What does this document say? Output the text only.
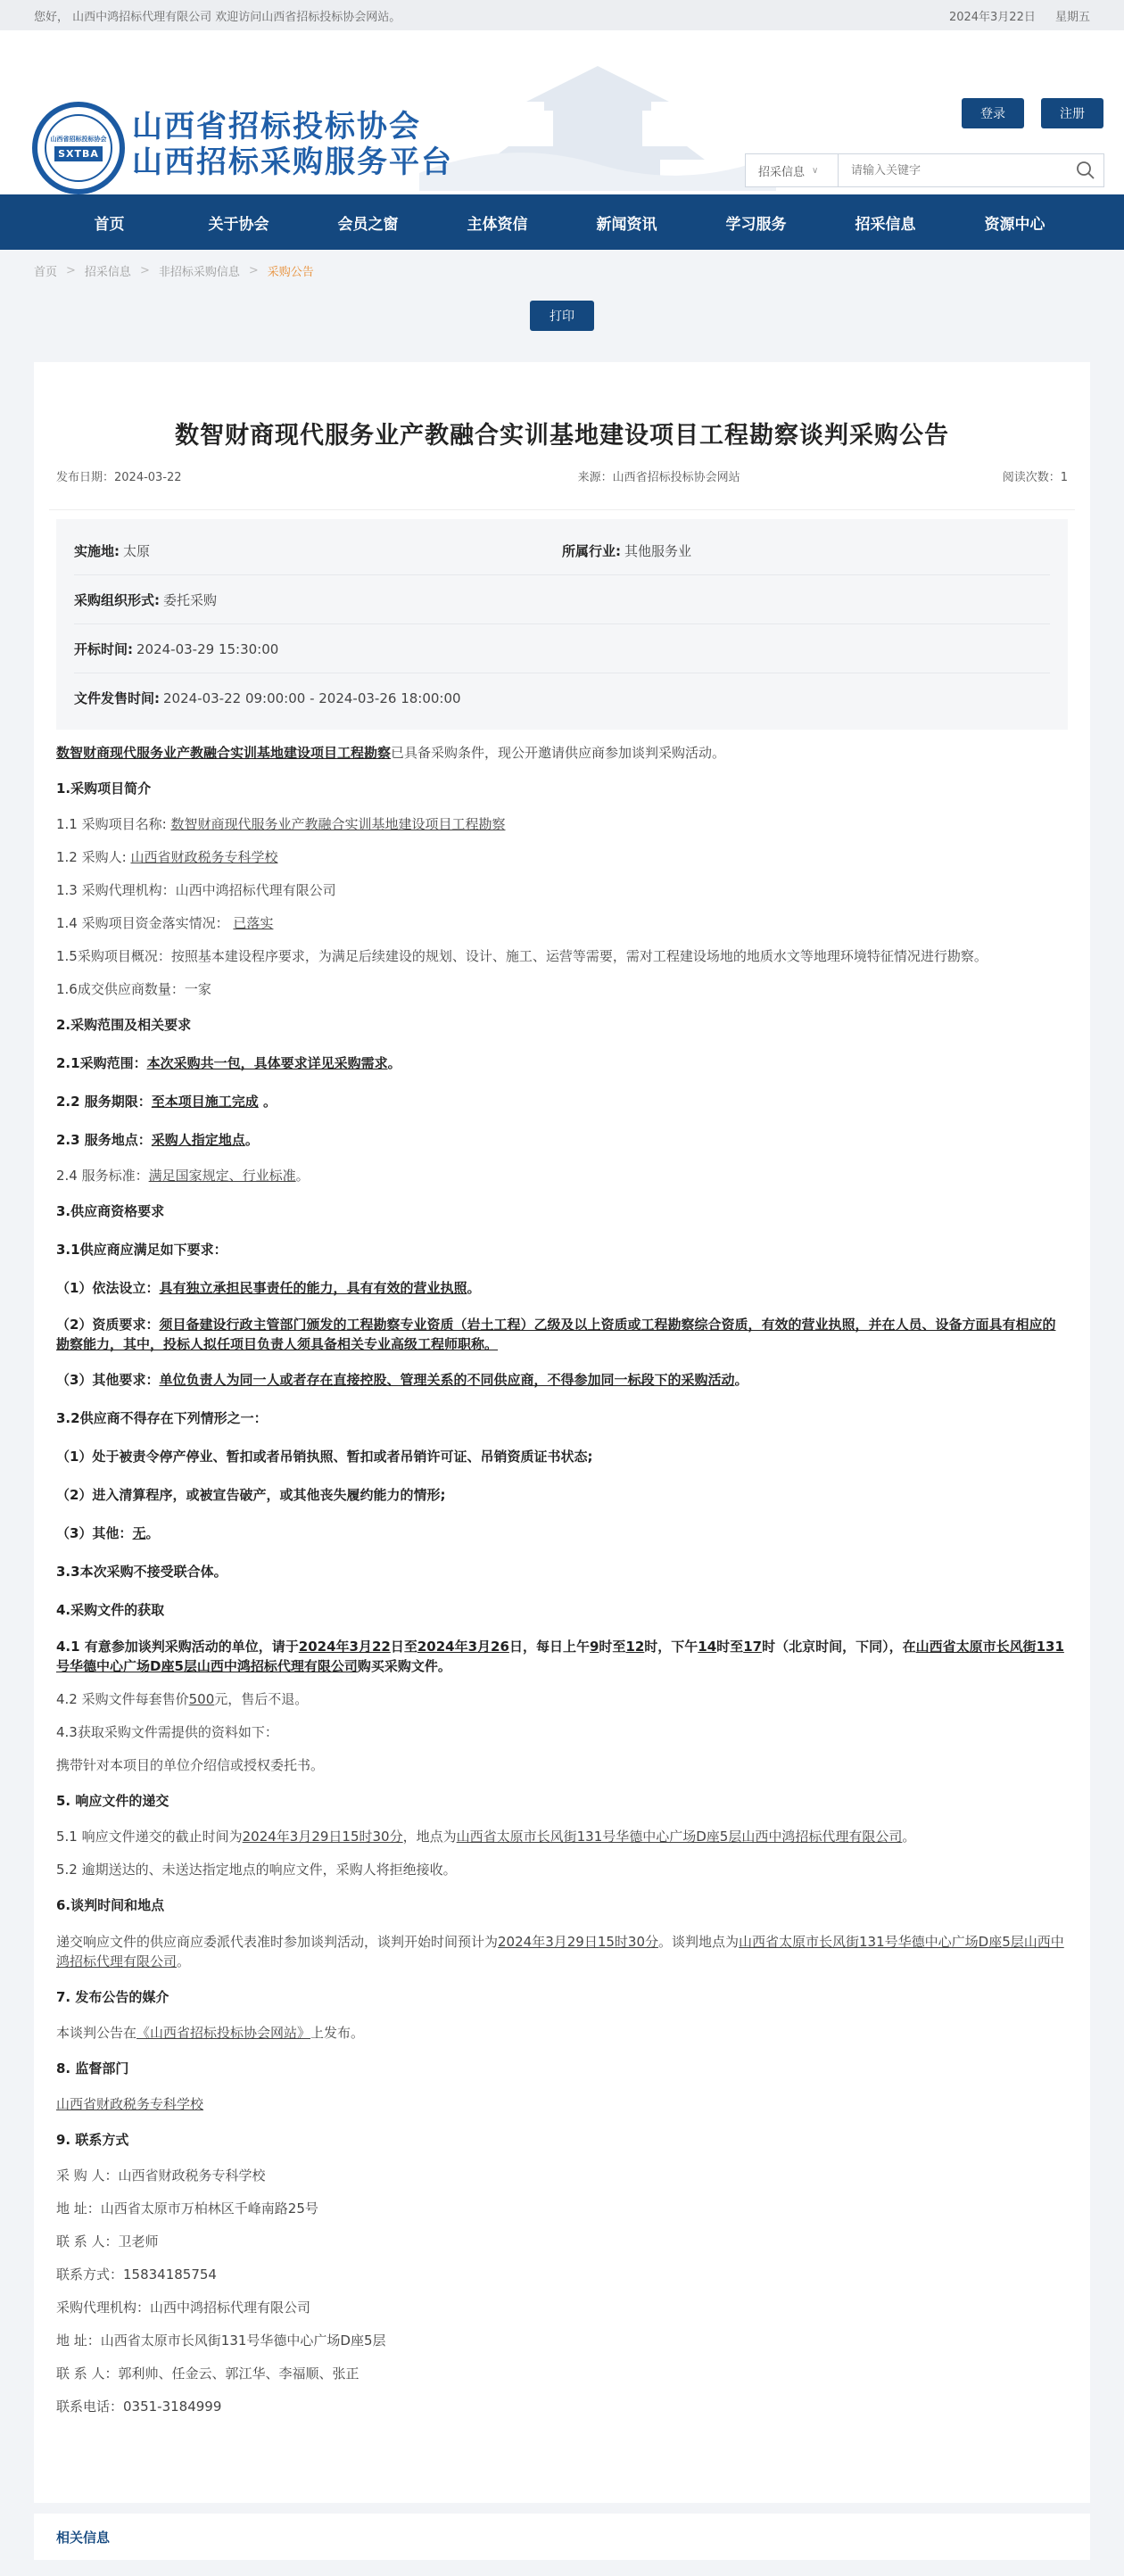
您好， 山西中鸿招标代理有限公司 欢迎访问山西省招标投标协会网站。	2024年3月22日 星期五
山西省招标投标协会
SXTBA
山西省招标投标协会
山西招标采购服务平台
登录	注册
招采信息 ∨
请输入关键字
首页	关于协会	会员之窗	主体资信	新闻资讯	学习服务	招采信息	资源中心
首页 > 招采信息 > 非招标采购信息 > 采购公告
打印
数智财商现代服务业产教融合实训基地建设项目工程勘察谈判采购公告
发布日期：2024-03-22	来源：山西省招标投标协会网站	阅读次数：1
实施地: 太原	所属行业: 其他服务业
采购组织形式: 委托采购
开标时间: 2024-03-29 15:30:00
文件发售时间: 2024-03-22 09:00:00 - 2024-03-26 18:00:00

数智财商现代服务业产教融合实训基地建设项目工程勘察已具备采购条件，现公开邀请供应商参加谈判采购活动。

1.采购项目简介

1.1 采购项目名称: 数智财商现代服务业产教融合实训基地建设项目工程勘察

1.2 采购人: 山西省财政税务专科学校

1.3 采购代理机构：山西中鸿招标代理有限公司

1.4 采购项目资金落实情况： 已落实

1.5采购项目概况：按照基本建设程序要求，为满足后续建设的规划、设计、施工、运营等需要，需对工程建设场地的地质水文等地理环境特征情况进行勘察。

1.6成交供应商数量：一家

2.采购范围及相关要求

2.1采购范围：本次采购共一包，具体要求详见采购需求。

2.2 服务期限：至本项目施工完成 。

2.3 服务地点：采购人指定地点。

2.4 服务标准：满足国家规定、行业标准。

3.供应商资格要求

3.1供应商应满足如下要求：

（1）依法设立：具有独立承担民事责任的能力，具有有效的营业执照。

（2）资质要求：须目备建设行政主管部门颁发的工程勘察专业资质（岩土工程）乙级及以上资质或工程勘察综合资质，有效的营业执照，并在人员、设备方面具有相应的勘察能力，其中，投标人拟任项目负责人须具备相关专业高级工程师职称。

（3）其他要求：单位负责人为同一人或者存在直接控股、管理关系的不同供应商，不得参加同一标段下的采购活动。

3.2供应商不得存在下列情形之一：

（1）处于被责令停产停业、暂扣或者吊销执照、暂扣或者吊销许可证、吊销资质证书状态;

（2）进入清算程序，或被宣告破产，或其他丧失履约能力的情形;

（3）其他：无。

3.3本次采购不接受联合体。

4.采购文件的获取

4.1 有意参加谈判采购活动的单位，请于2024年3月22日至2024年3月26日，每日上午9时至12时，下午14时至17时（北京时间，下同），在山西省太原市长风街131号华德中心广场D座5层山西中鸿招标代理有限公司购买采购文件。

4.2 采购文件每套售价500元，售后不退。

4.3获取采购文件需提供的资料如下：

携带针对本项目的单位介绍信或授权委托书。

5. 响应文件的递交

5.1 响应文件递交的截止时间为2024年3月29日15时30分，地点为山西省太原市长风街131号华德中心广场D座5层山西中鸿招标代理有限公司。

5.2 逾期送达的、未送达指定地点的响应文件，采购人将拒绝接收。

6.谈判时间和地点

递交响应文件的供应商应委派代表准时参加谈判活动，谈判开始时间预计为2024年3月29日15时30分。谈判地点为山西省太原市长风街131号华德中心广场D座5层山西中鸿招标代理有限公司。

7. 发布公告的媒介

本谈判公告在《山西省招标投标协会网站》上发布。

8. 监督部门

山西省财政税务专科学校

9. 联系方式

采 购 人：山西省财政税务专科学校

地 址：山西省太原市万柏林区千峰南路25号

联 系 人：卫老师

联系方式：15834185754

采购代理机构：山西中鸿招标代理有限公司

地 址：山西省太原市长风街131号华德中心广场D座5层

联 系 人：郭利帅、任金云、郭江华、李福顺、张正

联系电话：0351-3184999

相关信息
